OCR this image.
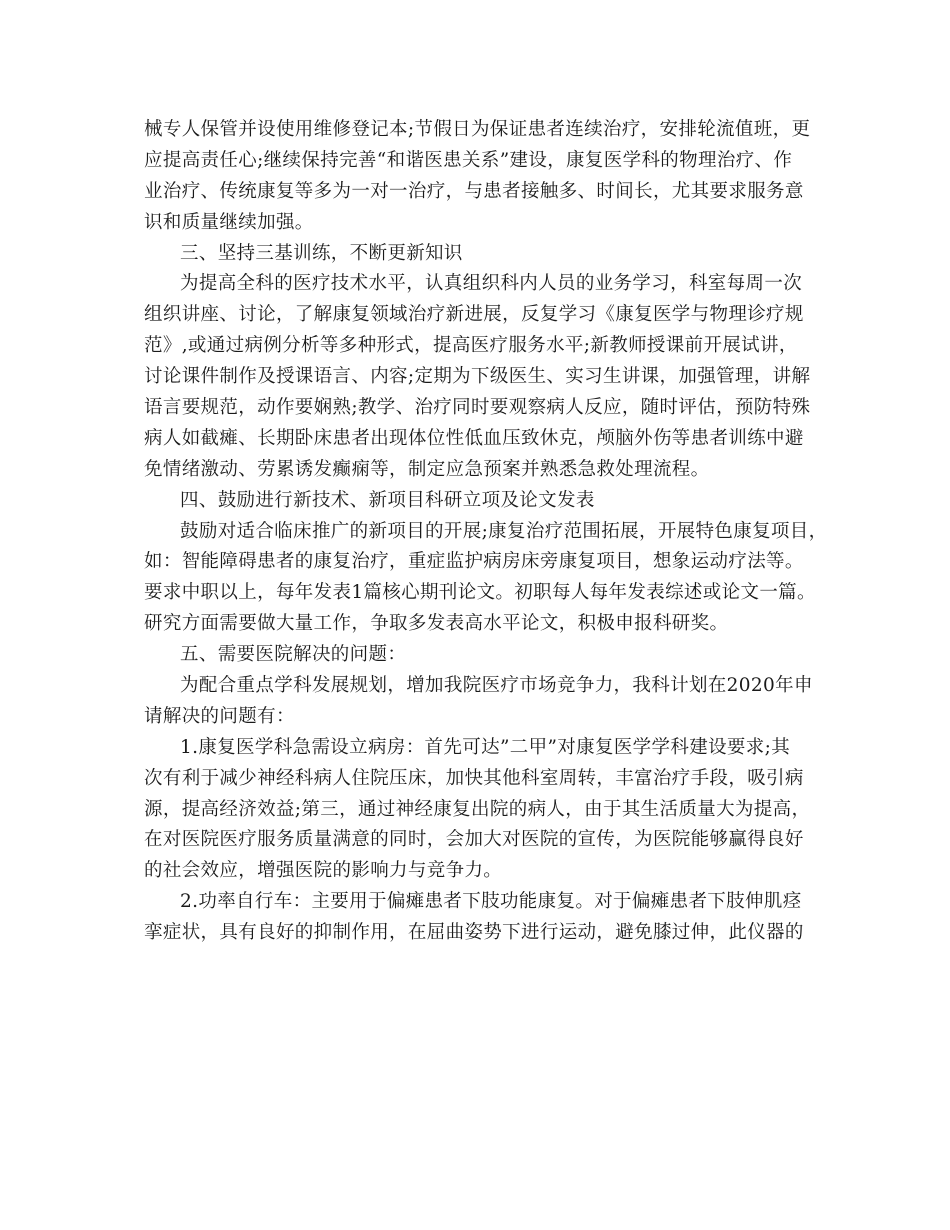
械专人保管并设使用维修登记本;节假日为保证患者连续治疗，安排轮流值班，更
应提高责任心;继续保持完善“和谐医患关系”建设，康复医学科的物理治疗、作
业治疗、传统康复等多为一对一治疗，与患者接触多、时间长，尤其要求服务意
识和质量继续加强。
三、坚持三基训练，不断更新知识
为提高全科的医疗技术水平，认真组织科内人员的业务学习，科室每周一次
组织讲座、讨论，了解康复领域治疗新进展，反复学习《康复医学与物理诊疗规
范》,或通过病例分析等多种形式，提高医疗服务水平;新教师授课前开展试讲，
讨论课件制作及授课语言、内容;定期为下级医生、实习生讲课，加强管理，讲解
语言要规范，动作要娴熟;教学、治疗同时要观察病人反应，随时评估，预防特殊
病人如截瘫、长期卧床患者出现体位性低血压致休克，颅脑外伤等患者训练中避
免情绪激动、劳累诱发癫痫等，制定应急预案并熟悉急救处理流程。
四、鼓励进行新技术、新项目科研立项及论文发表
鼓励对适合临床推广的新项目的开展;康复治疗范围拓展，开展特色康复项目，
如：智能障碍患者的康复治疗，重症监护病房床旁康复项目，想象运动疗法等。
要求中职以上，每年发表1篇核心期刊论文。初职每人每年发表综述或论文一篇。
研究方面需要做大量工作，争取多发表高水平论文，积极申报科研奖。
五、需要医院解决的问题：
为配合重点学科发展规划，增加我院医疗市场竞争力，我科计划在2020年申
请解决的问题有：
1.康复医学科急需设立病房：首先可达”二甲”对康复医学学科建设要求;其
次有利于减少神经科病人住院压床，加快其他科室周转，丰富治疗手段，吸引病
源，提高经济效益;第三，通过神经康复出院的病人，由于其生活质量大为提高，
在对医院医疗服务质量满意的同时，会加大对医院的宣传，为医院能够赢得良好
的社会效应，增强医院的影响力与竞争力。
2.功率自行车：主要用于偏瘫患者下肢功能康复。对于偏瘫患者下肢伸肌痉
挛症状，具有良好的抑制作用，在屈曲姿势下进行运动，避免膝过伸，此仪器的
